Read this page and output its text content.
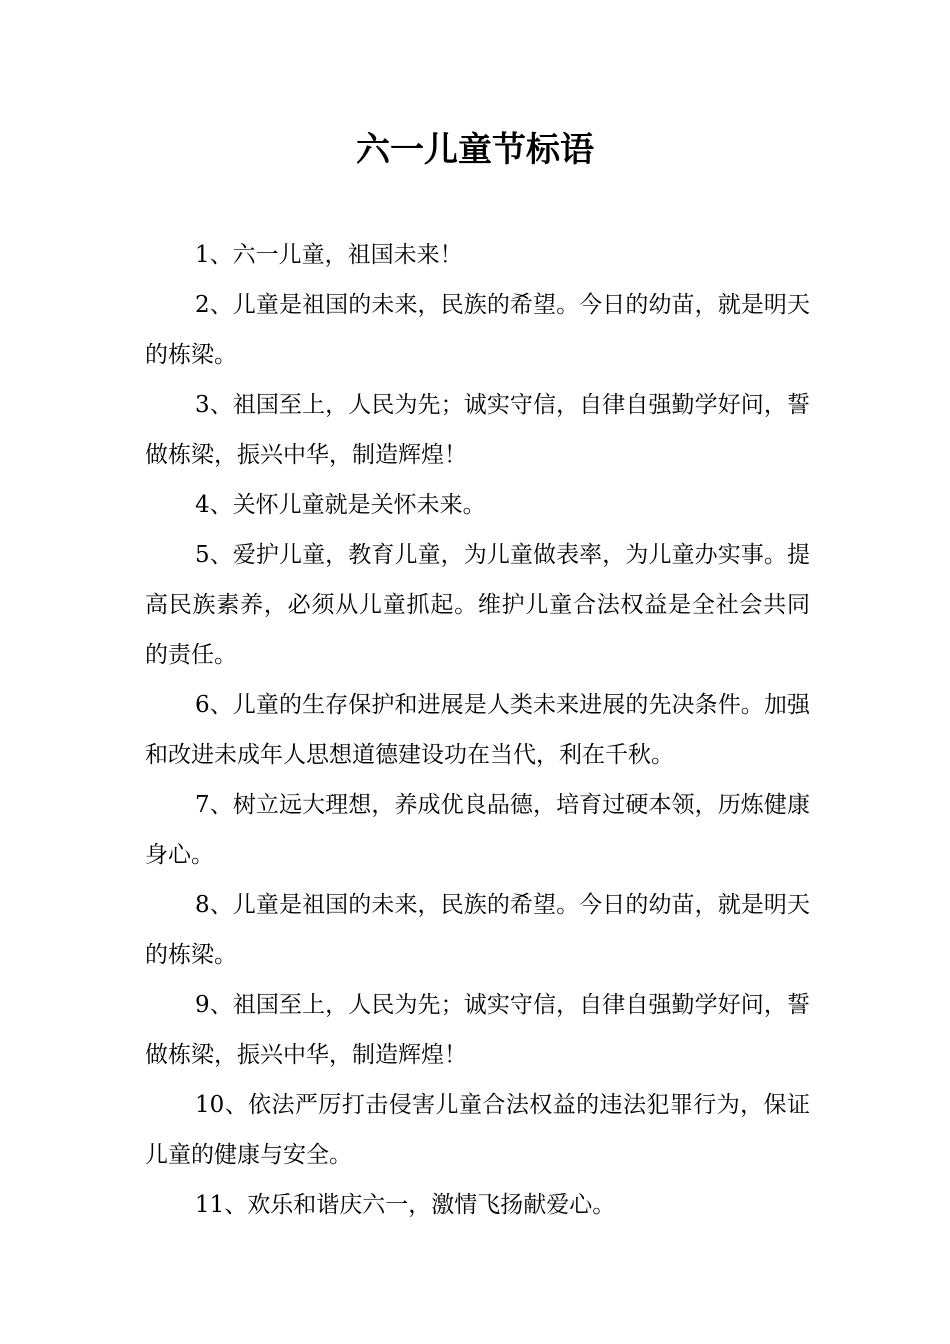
六一儿童节标语

1、六一儿童，祖国未来！

2、儿童是祖国的未来，民族的希望。今日的幼苗，就是明天的栋梁。

3、祖国至上，人民为先；诚实守信，自律自强勤学好问，誓做栋梁，振兴中华，制造辉煌！

4、关怀儿童就是关怀未来。

5、爱护儿童，教育儿童，为儿童做表率，为儿童办实事。提高民族素养，必须从儿童抓起。维护儿童合法权益是全社会共同的责任。

6、儿童的生存保护和进展是人类未来进展的先决条件。加强和改进未成年人思想道德建设功在当代，利在千秋。

7、树立远大理想，养成优良品德，培育过硬本领，历炼健康身心。

8、儿童是祖国的未来，民族的希望。今日的幼苗，就是明天的栋梁。

9、祖国至上，人民为先；诚实守信，自律自强勤学好问，誓做栋梁，振兴中华，制造辉煌！

10、依法严厉打击侵害儿童合法权益的违法犯罪行为，保证儿童的健康与安全。

11、欢乐和谐庆六一，激情飞扬献爱心。
